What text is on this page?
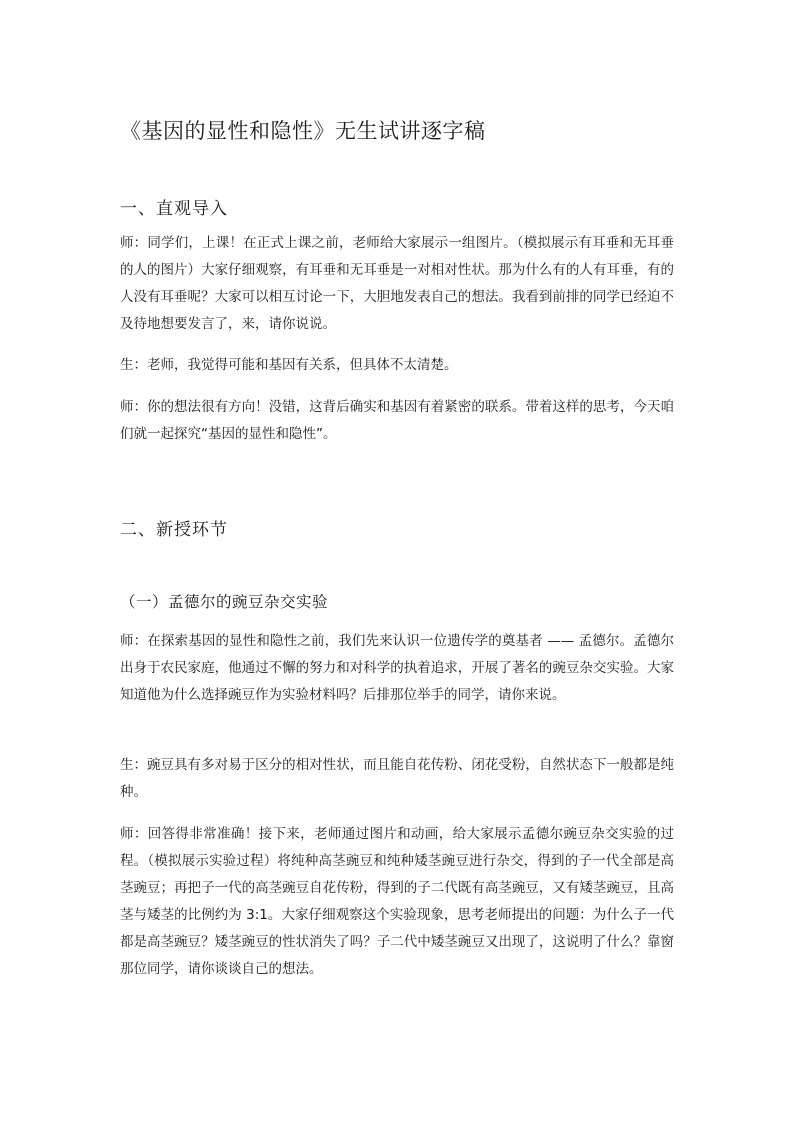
《基因的显性和隐性》无生试讲逐字稿
一、直观导入

师：同学们，上课！在正式上课之前，老师给大家展示一组图片。（模拟展示有耳垂和无耳垂的人的图片）大家仔细观察，有耳垂和无耳垂是一对相对性状。那为什么有的人有耳垂，有的人没有耳垂呢？大家可以相互讨论一下，大胆地发表自己的想法。我看到前排的同学已经迫不及待地想要发言了，来，请你说说。

生：老师，我觉得可能和基因有关系，但具体不太清楚。

师：你的想法很有方向！没错，这背后确实和基因有着紧密的联系。带着这样的思考，今天咱们就一起探究“基因的显性和隐性”。

二、新授环节
（一）孟德尔的豌豆杂交实验

师：在探索基因的显性和隐性之前，我们先来认识一位遗传学的奠基者 —— 孟德尔。孟德尔出身于农民家庭，他通过不懈的努力和对科学的执着追求，开展了著名的豌豆杂交实验。大家知道他为什么选择豌豆作为实验材料吗？后排那位举手的同学，请你来说。

生：豌豆具有多对易于区分的相对性状，而且能自花传粉、闭花受粉，自然状态下一般都是纯种。

师：回答得非常准确！接下来，老师通过图片和动画，给大家展示孟德尔豌豆杂交实验的过程。（模拟展示实验过程）将纯种高茎豌豆和纯种矮茎豌豆进行杂交，得到的子一代全部是高茎豌豆；再把子一代的高茎豌豆自花传粉，得到的子二代既有高茎豌豆，又有矮茎豌豆，且高茎与矮茎的比例约为 3:1。大家仔细观察这个实验现象，思考老师提出的问题：为什么子一代都是高茎豌豆？矮茎豌豆的性状消失了吗？子二代中矮茎豌豆又出现了，这说明了什么？靠窗那位同学，请你谈谈自己的想法。
